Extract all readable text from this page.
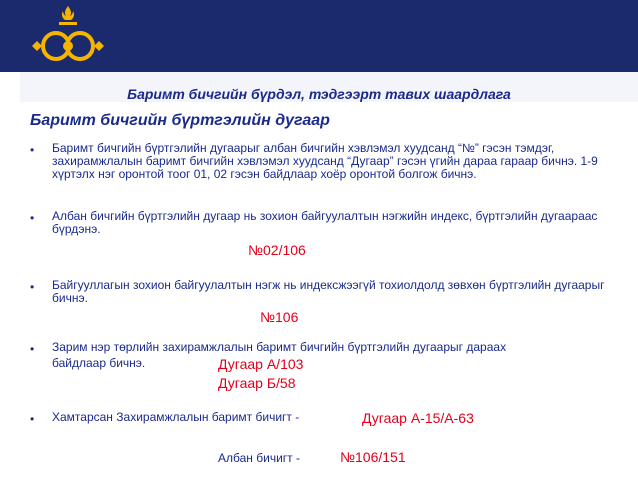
Баримт бичгийн бүрдэл, тэдгээрт тавих шаардлага
Баримт бичгийн бүртгэлийн дугаар
• Баримт бичгийн бүртгэлийн дугаарыг албан бичгийн хэвлэмэл хуудсанд “№” гэсэн тэмдэг, захирамжлалын баримт бичгийн хэвлэмэл хуудсанд “Дугаар” гэсэн үгийн дараа гараар бичнэ. 1-9 хүртэлх нэг оронтой тоог 01, 02 гэсэн байдлаар хоёр оронтой болгож бичнэ.
• Албан бичгийн бүртгэлийн дугаар нь зохион байгуулалтын нэгжийн индекс, бүртгэлийн дугаараас бүрдэнэ.
№02/106
• Байгууллагын зохион байгуулалтын нэгж нь индексжээгүй тохиолдолд зөвхөн бүртгэлийн дугаарыг бичнэ.
№106
• Зарим нэр төрлийн захирамжлалын баримт бичгийн бүртгэлийн дугаарыг дараах
байдлаар бичнэ.	Дугаар А/103
Дугаар Б/58
• Хамтарсан Захирамжлалын баримт бичигт -	Дугаар А-15/А-63
Албан бичигт -	№106/151
